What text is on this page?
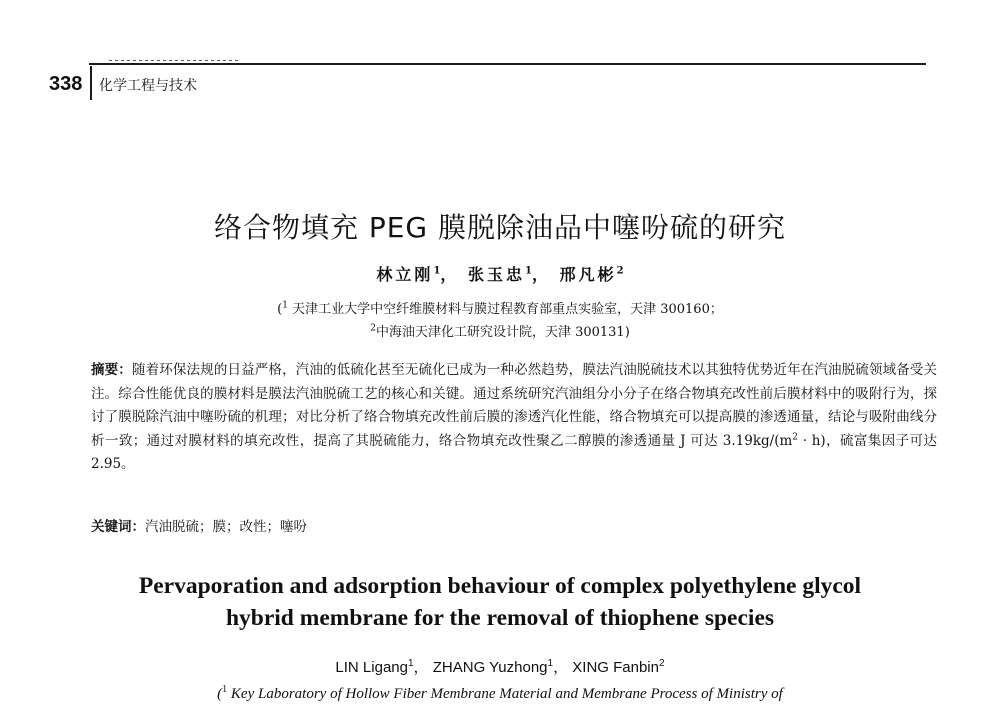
338 化学工程与技术
络合物填充 PEG 膜脱除油品中噻吩硫的研究
林立刚$^1$， 张玉忠$^1$， 邢凡彬$^2$
($^1$ 天津工业大学中空纤维膜材料与膜过程教育部重点实验室，天津 300160；
$^2$中海油天津化工研究设计院，天津 300131)
摘要：随着环保法规的日益严格，汽油的低硫化甚至无硫化已成为一种必然趋势，膜法汽油脱硫技术以其独特优势近年在汽油脱硫领域备受关注。综合性能优良的膜材料是膜法汽油脱硫工艺的核心和关键。通过系统研究汽油组分小分子在络合物填充改性前后膜材料中的吸附行为，探讨了膜脱除汽油中噻吩硫的机理；对比分析了络合物填充改性前后膜的渗透汽化性能，络合物填充可以提高膜的渗透通量，结论与吸附曲线分析一致；通过对膜材料的填充改性，提高了其脱硫能力，络合物填充改性聚乙二醇膜的渗透通量 J 可达 $3.19kg/(m^2 \cdot h)$，硫富集因子可达 2.95。
关键词：汽油脱硫；膜；改性；噻吩
Pervaporation and adsorption behaviour of complex polyethylene glycol
hybrid membrane for the removal of thiophene species
LIN Ligang$^1$， ZHANG Yuzhong$^1$， XING Fanbin$^2$
($^1$ Key Laboratory of Hollow Fiber Membrane Material and Membrane Process of Ministry of
